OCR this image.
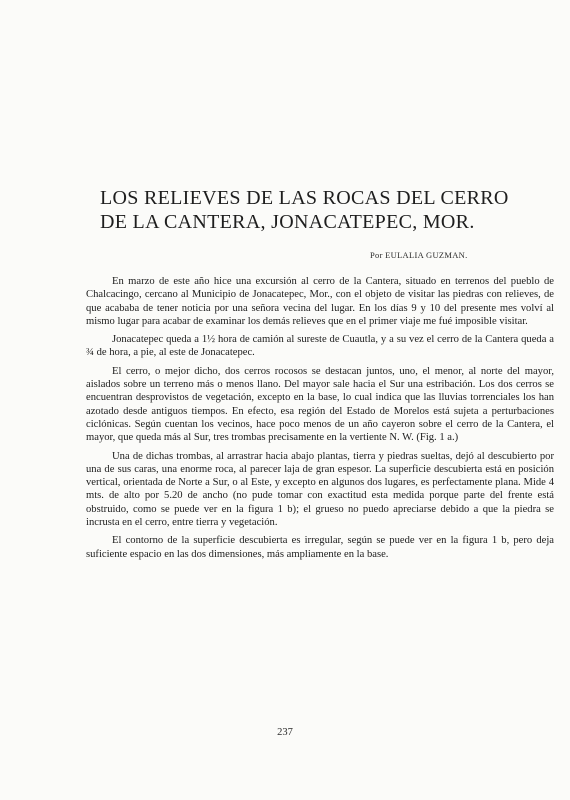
LOS RELIEVES DE LAS ROCAS DEL CERRO
DE LA CANTERA, JONACATEPEC, MOR.
Por EULALIA GUZMAN.

En marzo de este año hice una excursión al cerro de la Cantera, situado en terrenos del pueblo de Chalcacingo, cercano al Municipio de Jonacatepec, Mor., con el objeto de visitar las piedras con relieves, de que acababa de tener noticia por una señora vecina del lugar. En los días 9 y 10 del presente mes volví al mismo lugar para acabar de examinar los demás relieves que en el primer viaje me fué imposible visitar.

Jonacatepec queda a 1½ hora de camión al sureste de Cuautla, y a su vez el cerro de la Cantera queda a ¾ de hora, a pie, al este de Jonacatepec.

El cerro, o mejor dicho, dos cerros rocosos se destacan juntos, uno, el menor, al norte del mayor, aislados sobre un terreno más o menos llano. Del mayor sale hacia el Sur una estribación. Los dos cerros se encuentran desprovistos de vegetación, excepto en la base, lo cual indica que las lluvias torrenciales los han azotado desde antiguos tiempos. En efecto, esa región del Estado de Morelos está sujeta a perturbaciones ciclónicas. Según cuentan los vecinos, hace poco menos de un año cayeron sobre el cerro de la Cantera, el mayor, que queda más al Sur, tres trombas precisamente en la vertiente N. W. (Fig. 1 a.)

Una de dichas trombas, al arrastrar hacia abajo plantas, tierra y piedras sueltas, dejó al descubierto por una de sus caras, una enorme roca, al parecer laja de gran espesor. La superficie descubierta está en posición vertical, orientada de Norte a Sur, o al Este, y excepto en algunos dos lugares, es perfectamente plana. Mide 4 mts. de alto por 5.20 de ancho (no pude tomar con exactitud esta medida porque parte del frente está obstruido, como se puede ver en la figura 1 b); el grueso no puedo apreciarse debido a que la piedra se incrusta en el cerro, entre tierra y vegetación.

El contorno de la superficie descubierta es irregular, según se puede ver en la figura 1 b, pero deja suficiente espacio en las dos dimensiones, más ampliamente en la base.

237
